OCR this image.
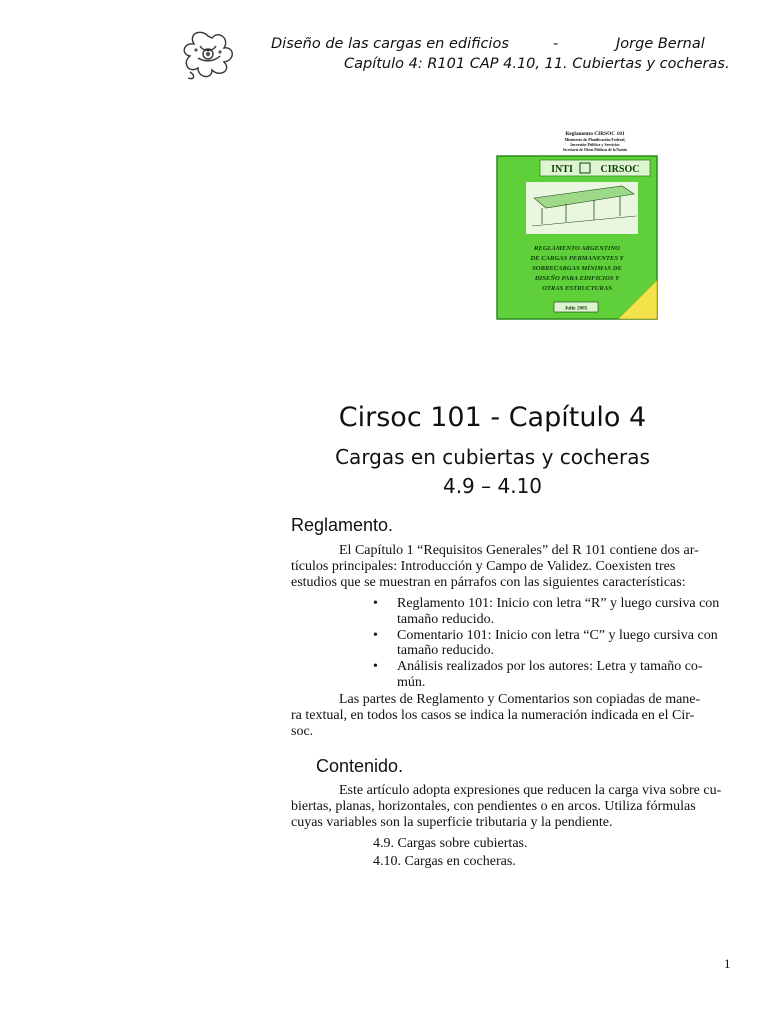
Diseño de las cargas en edificios	-	Jorge Bernal
Capítulo 4: R101 CAP 4.10, 11. Cubiertas y cocheras.
Reglamento CIRSOC 101
Ministerio de Planificación Federal,
Inversión Pública y Servicios
Secretaría de Obras Públicas de la Nación
INTI	CIRSOC
REGLAMENTO ARGENTINO
DE CARGAS PERMANENTES Y
SOBRECARGAS MÍNIMAS DE
DISEÑO PARA EDIFICIOS Y
OTRAS ESTRUCTURAS
Julio 2005
Cirsoc 101 - Capítulo 4
Cargas en cubiertas y cocheras
4.9 – 4.10
Reglamento.
El Capítulo 1 “Requisitos Generales” del R 101 contiene dos ar-
tículos principales: Introducción y Campo de Validez. Coexisten tres
estudios que se muestran en párrafos con las siguientes características:
• Reglamento 101: Inicio con letra “R” y luego cursiva con
tamaño reducido.
• Comentario 101: Inicio con letra “C” y luego cursiva con
tamaño reducido.
• Análisis realizados por los autores: Letra y tamaño co-
mún.
Las partes de Reglamento y Comentarios son copiadas de mane-
ra textual, en todos los casos se indica la numeración indicada en el Cir-
soc.
Contenido.
Este artículo adopta expresiones que reducen la carga viva sobre cu-
biertas, planas, horizontales, con pendientes o en arcos. Utiliza fórmulas
cuyas variables son la superficie tributaria y la pendiente.
4.9. Cargas sobre cubiertas.
4.10. Cargas en cocheras.
1
